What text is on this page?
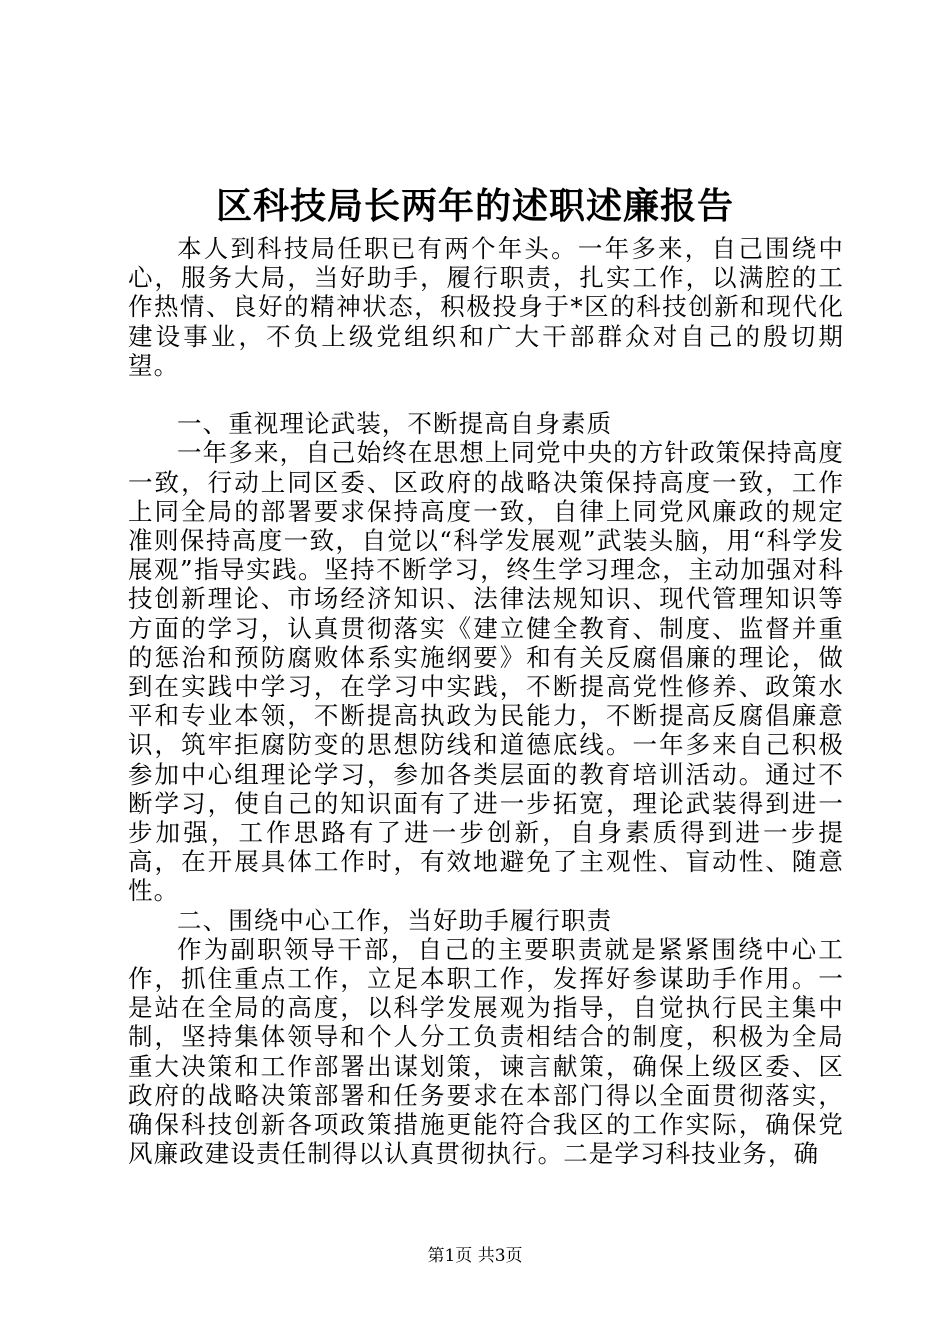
区科技局长两年的述职述廉报告

本人到科技局任职已有两个年头。一年多来，自己围绕中心，服务大局，当好助手，履行职责，扎实工作，以满腔的工作热情、良好的精神状态，积极投身于*区的科技创新和现代化建设事业，不负上级党组织和广大干部群众对自己的殷切期望。

一、重视理论武装，不断提高自身素质

一年多来，自己始终在思想上同党中央的方针政策保持高度一致，行动上同区委、区政府的战略决策保持高度一致，工作上同全局的部署要求保持高度一致，自律上同党风廉政的规定准则保持高度一致，自觉以“科学发展观”武装头脑，用“科学发展观”指导实践。坚持不断学习，终生学习理念，主动加强对科技创新理论、市场经济知识、法律法规知识、现代管理知识等方面的学习，认真贯彻落实《建立健全教育、制度、监督并重的惩治和预防腐败体系实施纲要》和有关反腐倡廉的理论，做到在实践中学习，在学习中实践，不断提高党性修养、政策水平和专业本领，不断提高执政为民能力，不断提高反腐倡廉意识，筑牢拒腐防变的思想防线和道德底线。一年多来自己积极参加中心组理论学习，参加各类层面的教育培训活动。通过不断学习，使自己的知识面有了进一步拓宽，理论武装得到进一步加强，工作思路有了进一步创新，自身素质得到进一步提高，在开展具体工作时，有效地避免了主观性、盲动性、随意性。

二、围绕中心工作，当好助手履行职责

作为副职领导干部，自己的主要职责就是紧紧围绕中心工作，抓住重点工作，立足本职工作，发挥好参谋助手作用。一是站在全局的高度，以科学发展观为指导，自觉执行民主集中制，坚持集体领导和个人分工负责相结合的制度，积极为全局重大决策和工作部署出谋划策，谏言献策，确保上级区委、区政府的战略决策部署和任务要求在本部门得以全面贯彻落实，确保科技创新各项政策措施更能符合我区的工作实际，确保党风廉政建设责任制得以认真贯彻执行。二是学习科技业务，确

第1页 共3页
